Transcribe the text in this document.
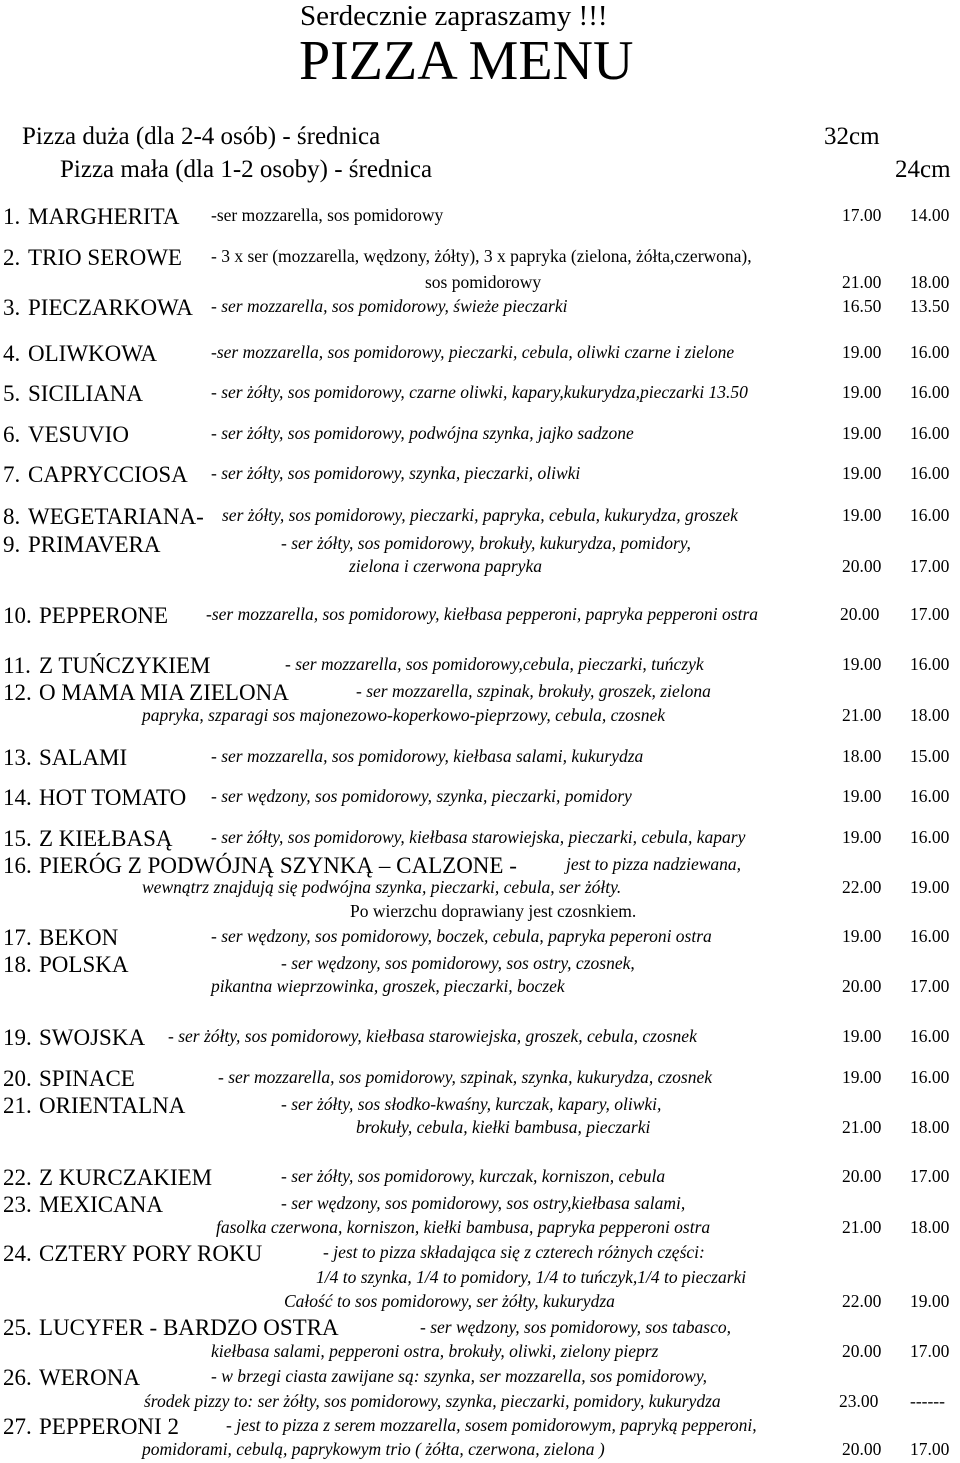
Serdecznie zapraszamy !!!
PIZZA MENU
Pizza duża (dla 2-4 osób) - średnica	32cm
Pizza mała (dla 1-2 osoby) - średnica	24cm
1. MARGHERITA -ser mozzarella, sos pomidorowy	17.00 14.00
2. TRIO SEROWE - 3 x ser (mozzarella, wędzony, żółty), 3 x papryka (zielona, żółta,czerwona),
sos pomidorowy	21.00 18.00
3. PIECZARKOWA - ser mozzarella, sos pomidorowy, świeże pieczarki	16.50 13.50
4. OLIWKOWA	-ser mozzarella, sos pomidorowy, pieczarki, cebula, oliwki czarne i zielone	19.00 16.00
5. SICILIANA	- ser żółty, sos pomidorowy, czarne oliwki, kapary,kukurydza,pieczarki 13.50	19.00 16.00
6. VESUVIO	- ser żółty, sos pomidorowy, podwójna szynka, jajko sadzone	19.00 16.00
7. CAPRYCCIOSA - ser żółty, sos pomidorowy, szynka, pieczarki, oliwki	19.00 16.00
8. WEGETARIANA- ser żółty, sos pomidorowy, pieczarki, papryka, cebula, kukurydza, groszek	19.00 16.00
9. PRIMAVERA	- ser żółty, sos pomidorowy, brokuły, kukurydza, pomidory,
zielona i czerwona papryka	20.00 17.00
10. PEPPERONE -ser mozzarella, sos pomidorowy, kiełbasa pepperoni, papryka pepperoni ostra	20.00 17.00
11. Z TUŃCZYKIEM	- ser mozzarella, sos pomidorowy,cebula, pieczarki, tuńczyk	19.00 16.00
12. O MAMA MIA ZIELONA	- ser mozzarella, szpinak, brokuły, groszek, zielona
papryka, szparagi sos majonezowo-koperkowo-pieprzowy, cebula, czosnek	21.00 18.00
13. SALAMI	- ser mozzarella, sos pomidorowy, kiełbasa salami, kukurydza	18.00 15.00
14. HOT TOMATO - ser wędzony, sos pomidorowy, szynka, pieczarki, pomidory	19.00 16.00
15. Z KIEŁBASĄ - ser żółty, sos pomidorowy, kiełbasa starowiejska, pieczarki, cebula, kapary	19.00 16.00
16. PIERÓG Z PODWÓJNĄ SZYNKĄ – CALZONE -	jest to pizza nadziewana,
wewnątrz znajdują się podwójna szynka, pieczarki, cebula, ser żółty.
Po wierzchu doprawiany jest czosnkiem.
22.00 19.00
17. BEKON	- ser wędzony, sos pomidorowy, boczek, cebula, papryka peperoni ostra	19.00 16.00
18. POLSKA	- ser wędzony, sos pomidorowy, sos ostry, czosnek,
pikantna wieprzowinka, groszek, pieczarki, boczek	20.00 17.00
19. SWOJSKA - ser żółty, sos pomidorowy, kiełbasa starowiejska, groszek, cebula, czosnek	19.00 16.00
20. SPINACE	- ser mozzarella, sos pomidorowy, szpinak, szynka, kukurydza, czosnek	19.00 16.00
21. ORIENTALNA	- ser żółty, sos słodko-kwaśny, kurczak, kapary, oliwki,
brokuły, cebula, kiełki bambusa, pieczarki	21.00 18.00
22. Z KURCZAKIEM	- ser żółty, sos pomidorowy, kurczak, korniszon, cebula	20.00 17.00
23. MEXICANA	- ser wędzony, sos pomidorowy, sos ostry,kiełbasa salami,
fasolka czerwona, korniszon, kiełki bambusa, papryka pepperoni ostra	21.00 18.00
24. CZTERY PORY ROKU	- jest to pizza składająca się z czterech różnych części:
1/4 to szynka, 1/4 to pomidory, 1/4 to tuńczyk,1/4 to pieczarki
Całość to sos pomidorowy, ser żółty, kukurydza	22.00 19.00
25. LUCYFER - BARDZO OSTRA	- ser wędzony, sos pomidorowy, sos tabasco,
kiełbasa salami, pepperoni ostra, brokuły, oliwki, zielony pieprz	20.00 17.00
26. WERONA	- w brzegi ciasta zawijane są: szynka, ser mozzarella, sos pomidorowy,
środek pizzy to: ser żółty, sos pomidorowy, szynka, pieczarki, pomidory, kukurydza	23.00 ------
27. PEPPERONI 2	- jest to pizza z serem mozzarella, sosem pomidorowym, papryką pepperoni,
pomidorami, cebulą, paprykowym trio ( żółta, czerwona, zielona )	20.00 17.00
